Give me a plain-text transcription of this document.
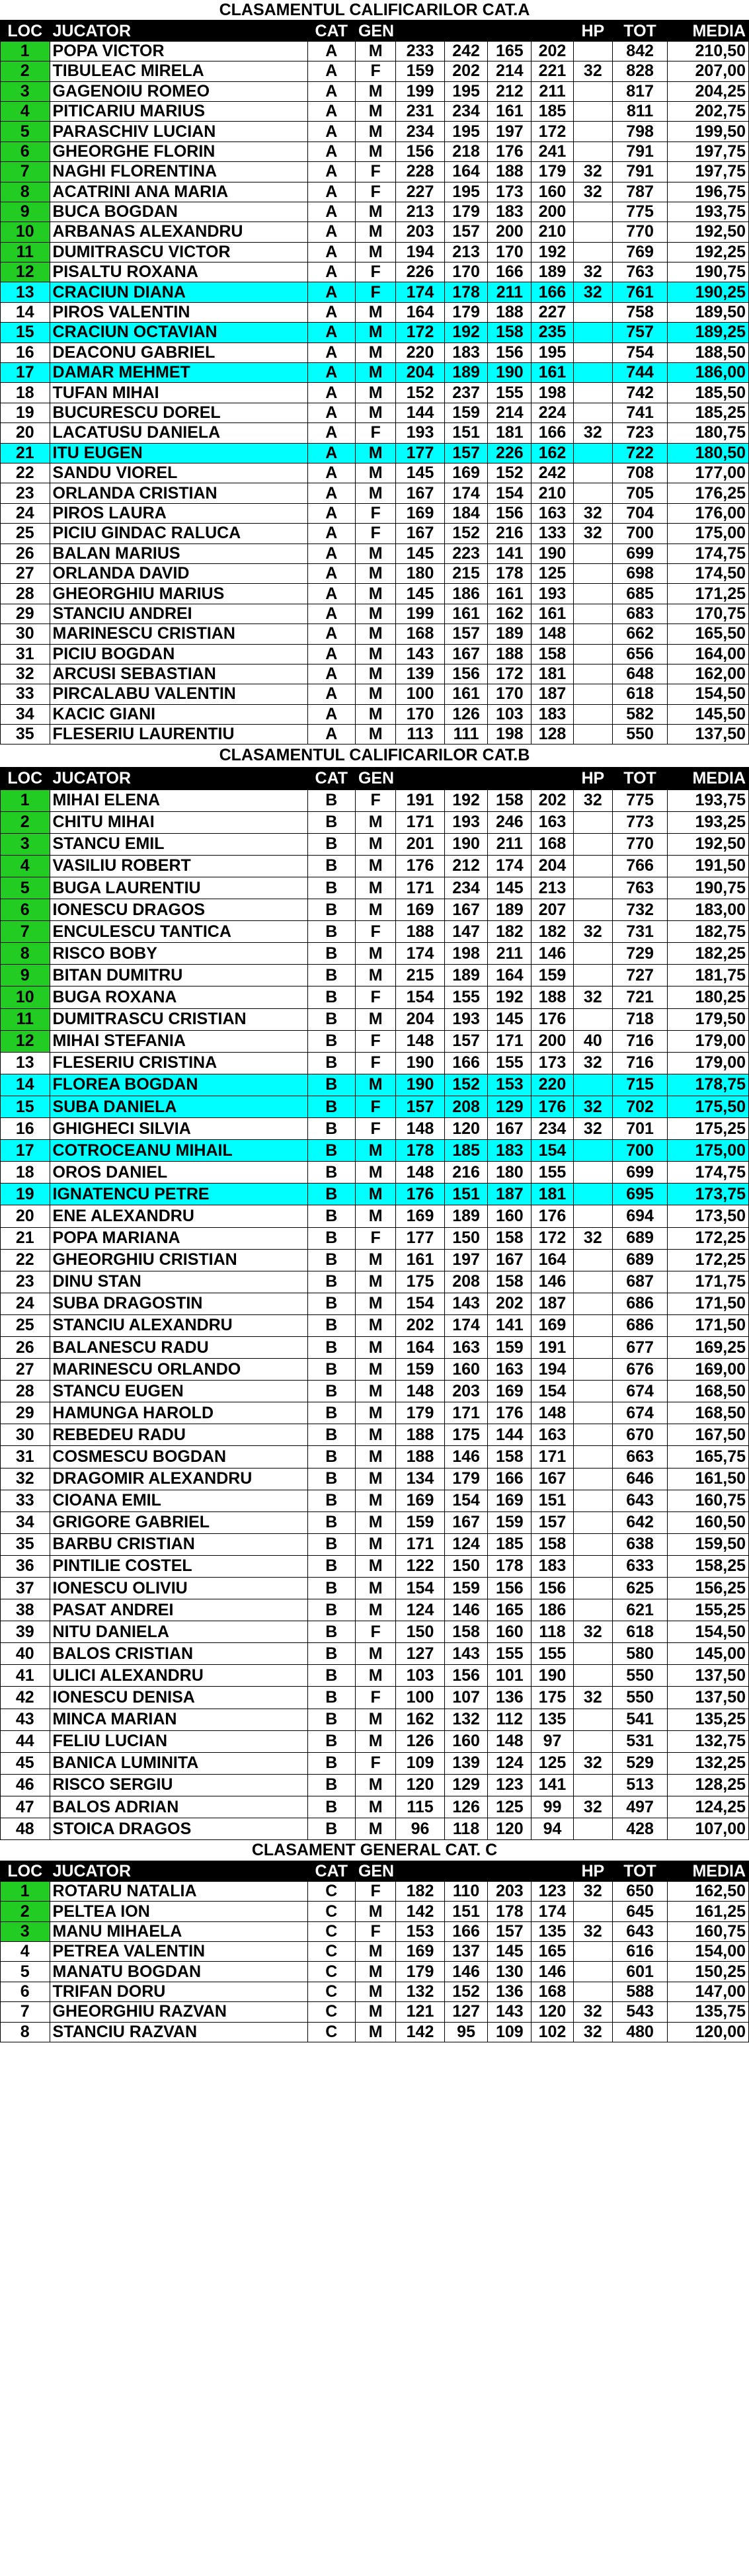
CLASAMENTUL CALIFICARILOR CAT.A
LOC	JUCATOR	CAT	GEN					HP	TOT	MEDIA
1	POPA VICTOR	A	M	233	242	165	202		842	210,50
2	TIBULEAC MIRELA	A	F	159	202	214	221	32	828	207,00
3	GAGENOIU ROMEO	A	M	199	195	212	211		817	204,25
4	PITICARIU MARIUS	A	M	231	234	161	185		811	202,75
5	PARASCHIV LUCIAN	A	M	234	195	197	172		798	199,50
6	GHEORGHE FLORIN	A	M	156	218	176	241		791	197,75
7	NAGHI FLORENTINA	A	F	228	164	188	179	32	791	197,75
8	ACATRINI ANA MARIA	A	F	227	195	173	160	32	787	196,75
9	BUCA BOGDAN	A	M	213	179	183	200		775	193,75
10	ARBANAS ALEXANDRU	A	M	203	157	200	210		770	192,50
11	DUMITRASCU VICTOR	A	M	194	213	170	192		769	192,25
12	PISALTU ROXANA	A	F	226	170	166	189	32	763	190,75
13	CRACIUN DIANA	A	F	174	178	211	166	32	761	190,25
14	PIROS VALENTIN	A	M	164	179	188	227		758	189,50
15	CRACIUN OCTAVIAN	A	M	172	192	158	235		757	189,25
16	DEACONU GABRIEL	A	M	220	183	156	195		754	188,50
17	DAMAR MEHMET	A	M	204	189	190	161		744	186,00
18	TUFAN MIHAI	A	M	152	237	155	198		742	185,50
19	BUCURESCU DOREL	A	M	144	159	214	224		741	185,25
20	LACATUSU DANIELA	A	F	193	151	181	166	32	723	180,75
21	ITU EUGEN	A	M	177	157	226	162		722	180,50
22	SANDU VIOREL	A	M	145	169	152	242		708	177,00
23	ORLANDA CRISTIAN	A	M	167	174	154	210		705	176,25
24	PIROS LAURA	A	F	169	184	156	163	32	704	176,00
25	PICIU GINDAC RALUCA	A	F	167	152	216	133	32	700	175,00
26	BALAN MARIUS	A	M	145	223	141	190		699	174,75
27	ORLANDA DAVID	A	M	180	215	178	125		698	174,50
28	GHEORGHIU MARIUS	A	M	145	186	161	193		685	171,25
29	STANCIU ANDREI	A	M	199	161	162	161		683	170,75
30	MARINESCU CRISTIAN	A	M	168	157	189	148		662	165,50
31	PICIU BOGDAN	A	M	143	167	188	158		656	164,00
32	ARCUSI SEBASTIAN	A	M	139	156	172	181		648	162,00
33	PIRCALABU VALENTIN	A	M	100	161	170	187		618	154,50
34	KACIC GIANI	A	M	170	126	103	183		582	145,50
35	FLESERIU LAURENTIU	A	M	113	111	198	128		550	137,50
CLASAMENTUL CALIFICARILOR CAT.B
LOC	JUCATOR	CAT	GEN					HP	TOT	MEDIA
1	MIHAI ELENA	B	F	191	192	158	202	32	775	193,75
2	CHITU MIHAI	B	M	171	193	246	163		773	193,25
3	STANCU EMIL	B	M	201	190	211	168		770	192,50
4	VASILIU ROBERT	B	M	176	212	174	204		766	191,50
5	BUGA LAURENTIU	B	M	171	234	145	213		763	190,75
6	IONESCU DRAGOS	B	M	169	167	189	207		732	183,00
7	ENCULESCU TANTICA	B	F	188	147	182	182	32	731	182,75
8	RISCO BOBY	B	M	174	198	211	146		729	182,25
9	BITAN DUMITRU	B	M	215	189	164	159		727	181,75
10	BUGA ROXANA	B	F	154	155	192	188	32	721	180,25
11	DUMITRASCU CRISTIAN	B	M	204	193	145	176		718	179,50
12	MIHAI STEFANIA	B	F	148	157	171	200	40	716	179,00
13	FLESERIU CRISTINA	B	F	190	166	155	173	32	716	179,00
14	FLOREA BOGDAN	B	M	190	152	153	220		715	178,75
15	SUBA DANIELA	B	F	157	208	129	176	32	702	175,50
16	GHIGHECI SILVIA	B	F	148	120	167	234	32	701	175,25
17	COTROCEANU MIHAIL	B	M	178	185	183	154		700	175,00
18	OROS DANIEL	B	M	148	216	180	155		699	174,75
19	IGNATENCU PETRE	B	M	176	151	187	181		695	173,75
20	ENE ALEXANDRU	B	M	169	189	160	176		694	173,50
21	POPA MARIANA	B	F	177	150	158	172	32	689	172,25
22	GHEORGHIU CRISTIAN	B	M	161	197	167	164		689	172,25
23	DINU STAN	B	M	175	208	158	146		687	171,75
24	SUBA DRAGOSTIN	B	M	154	143	202	187		686	171,50
25	STANCIU ALEXANDRU	B	M	202	174	141	169		686	171,50
26	BALANESCU RADU	B	M	164	163	159	191		677	169,25
27	MARINESCU ORLANDO	B	M	159	160	163	194		676	169,00
28	STANCU EUGEN	B	M	148	203	169	154		674	168,50
29	HAMUNGA HAROLD	B	M	179	171	176	148		674	168,50
30	REBEDEU RADU	B	M	188	175	144	163		670	167,50
31	COSMESCU BOGDAN	B	M	188	146	158	171		663	165,75
32	DRAGOMIR ALEXANDRU	B	M	134	179	166	167		646	161,50
33	CIOANA EMIL	B	M	169	154	169	151		643	160,75
34	GRIGORE GABRIEL	B	M	159	167	159	157		642	160,50
35	BARBU CRISTIAN	B	M	171	124	185	158		638	159,50
36	PINTILIE COSTEL	B	M	122	150	178	183		633	158,25
37	IONESCU OLIVIU	B	M	154	159	156	156		625	156,25
38	PASAT ANDREI	B	M	124	146	165	186		621	155,25
39	NITU DANIELA	B	F	150	158	160	118	32	618	154,50
40	BALOS CRISTIAN	B	M	127	143	155	155		580	145,00
41	ULICI ALEXANDRU	B	M	103	156	101	190		550	137,50
42	IONESCU DENISA	B	F	100	107	136	175	32	550	137,50
43	MINCA MARIAN	B	M	162	132	112	135		541	135,25
44	FELIU LUCIAN	B	M	126	160	148	97		531	132,75
45	BANICA LUMINITA	B	F	109	139	124	125	32	529	132,25
46	RISCO SERGIU	B	M	120	129	123	141		513	128,25
47	BALOS ADRIAN	B	M	115	126	125	99	32	497	124,25
48	STOICA DRAGOS	B	M	96	118	120	94		428	107,00
CLASAMENT GENERAL CAT. C
LOC	JUCATOR	CAT	GEN					HP	TOT	MEDIA
1	ROTARU NATALIA	C	F	182	110	203	123	32	650	162,50
2	PELTEA ION	C	M	142	151	178	174		645	161,25
3	MANU MIHAELA	C	F	153	166	157	135	32	643	160,75
4	PETREA VALENTIN	C	M	169	137	145	165		616	154,00
5	MANATU BOGDAN	C	M	179	146	130	146		601	150,25
6	TRIFAN DORU	C	M	132	152	136	168		588	147,00
7	GHEORGHIU RAZVAN	C	M	121	127	143	120	32	543	135,75
8	STANCIU RAZVAN	C	M	142	95	109	102	32	480	120,00
